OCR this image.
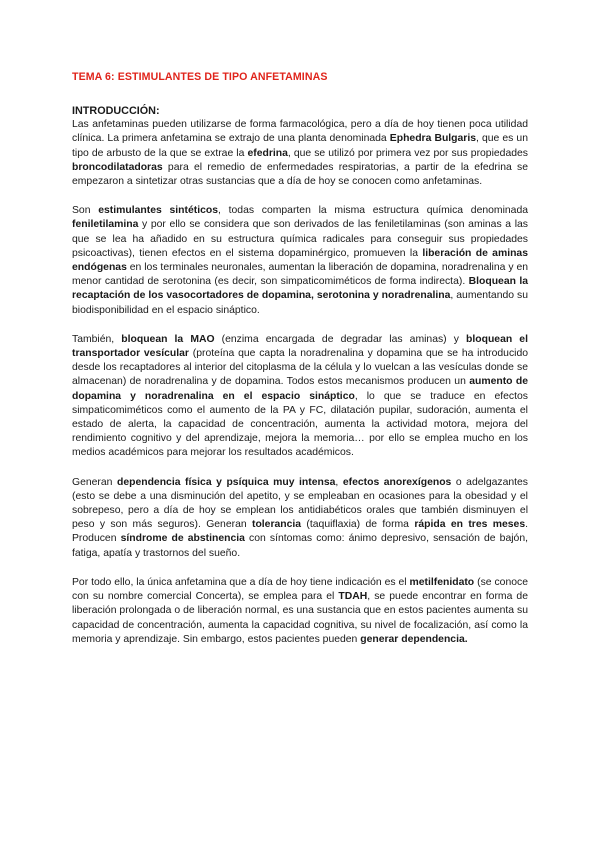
TEMA 6: ESTIMULANTES DE TIPO ANFETAMINAS
INTRODUCCIÓN:

Las anfetaminas pueden utilizarse de forma farmacológica, pero a día de hoy tienen poca utilidad clínica. La primera anfetamina se extrajo de una planta denominada Ephedra Bulgaris, que es un tipo de arbusto de la que se extrae la efedrina, que se utilizó por primera vez por sus propiedades broncodilatadoras para el remedio de enfermedades respiratorias, a partir de la efedrina se empezaron a sintetizar otras sustancias que a día de hoy se conocen como anfetaminas.

Son estimulantes sintéticos, todas comparten la misma estructura química denominada feniletilamina y por ello se considera que son derivados de las feniletilaminas (son aminas a las que se lea ha añadido en su estructura química radicales para conseguir sus propiedades psicoactivas), tienen efectos en el sistema dopaminérgico, promueven la liberación de aminas endógenas en los terminales neuronales, aumentan la liberación de dopamina, noradrenalina y en menor cantidad de serotonina (es decir, son simpaticomiméticos de forma indirecta). Bloquean la recaptación de los vasocortadores de dopamina, serotonina y noradrenalina, aumentando su biodisponibilidad en el espacio sináptico.

También, bloquean la MAO (enzima encargada de degradar las aminas) y bloquean el transportador vesícular (proteína que capta la noradrenalina y dopamina que se ha introducido desde los recaptadores al interior del citoplasma de la célula y lo vuelcan a las vesículas donde se almacenan) de noradrenalina y de dopamina. Todos estos mecanismos producen un aumento de dopamina y noradrenalina en el espacio sináptico, lo que se traduce en efectos simpaticomiméticos como el aumento de la PA y FC, dilatación pupilar, sudoración, aumenta el estado de alerta, la capacidad de concentración, aumenta la actividad motora, mejora del rendimiento cognitivo y del aprendizaje, mejora la memoria… por ello se emplea mucho en los medios académicos para mejorar los resultados académicos.

Generan dependencia física y psíquica muy intensa, efectos anorexígenos o adelgazantes (esto se debe a una disminución del apetito, y se empleaban en ocasiones para la obesidad y el sobrepeso, pero a día de hoy se emplean los antidiabéticos orales que también disminuyen el peso y son más seguros). Generan tolerancia (taquiflaxia) de forma rápida en tres meses. Producen síndrome de abstinencia con síntomas como: ánimo depresivo, sensación de bajón, fatiga, apatía y trastornos del sueño.

Por todo ello, la única anfetamina que a día de hoy tiene indicación es el metilfenidato (se conoce con su nombre comercial Concerta), se emplea para el TDAH, se puede encontrar en forma de liberación prolongada o de liberación normal, es una sustancia que en estos pacientes aumenta su capacidad de concentración, aumenta la capacidad cognitiva, su nivel de focalización, así como la memoria y aprendizaje. Sin embargo, estos pacientes pueden generar dependencia.
